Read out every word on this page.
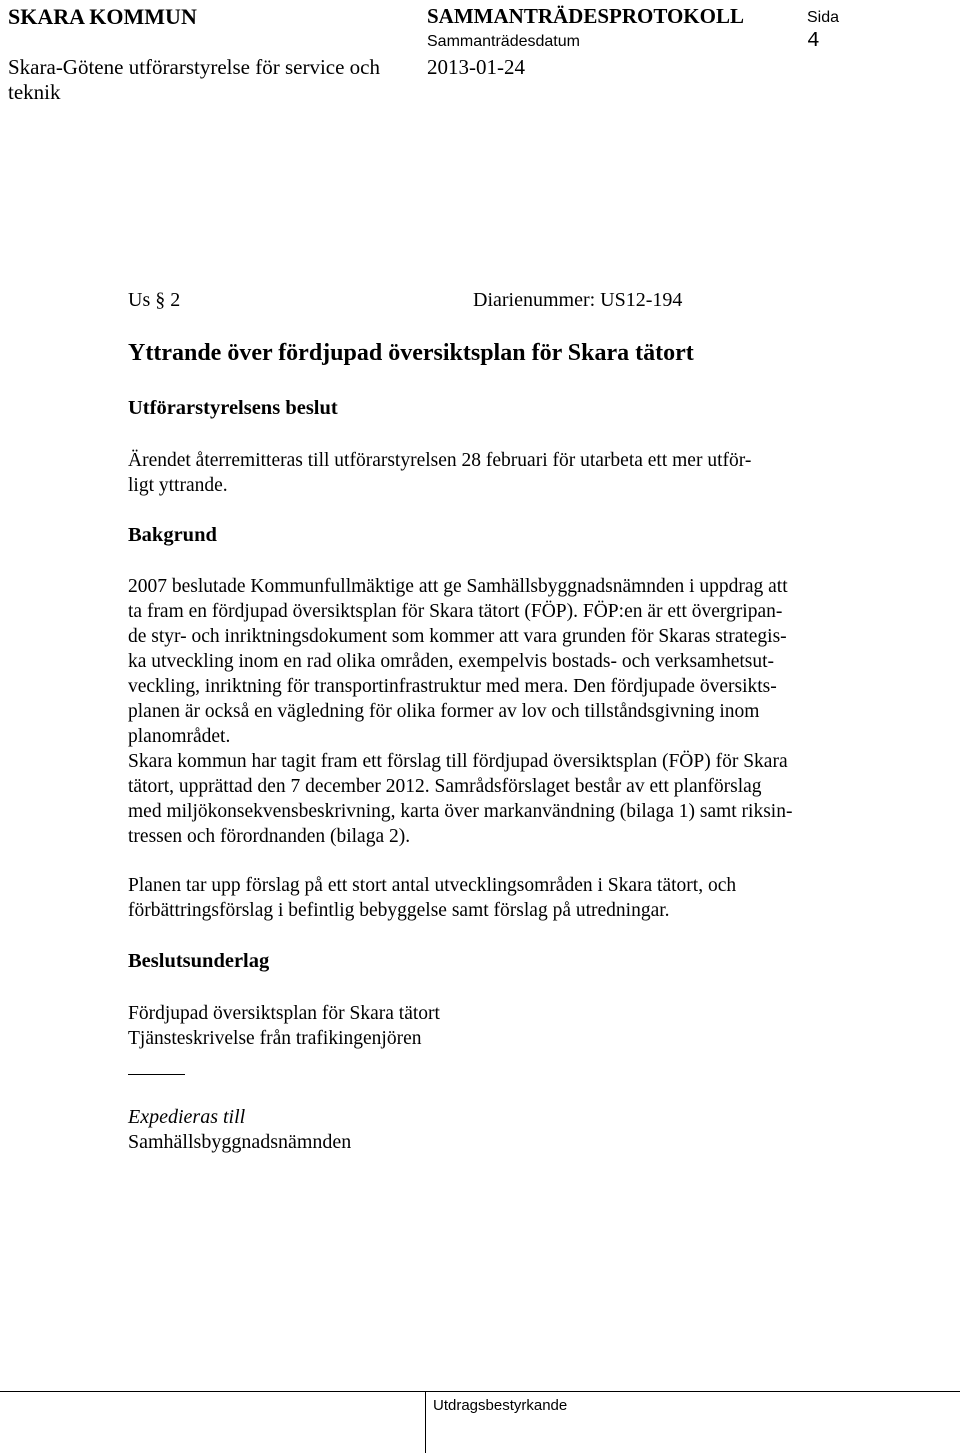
SKARA KOMMUN	SAMMANTRÄDESPROTOKOLL	Sida
Sammanträdesdatum	4
Skara-Götene utförarstyrelse för service och
teknik
2013-01-24
Us § 2	Diarienummer: US12-194
Yttrande över fördjupad översiktsplan för Skara tätort
Utförarstyrelsens beslut
Ärendet återremitteras till utförarstyrelsen 28 februari för utarbeta ett mer utför-
ligt yttrande.
Bakgrund
2007 beslutade Kommunfullmäktige att ge Samhällsbyggnadsnämnden i uppdrag att
ta fram en fördjupad översiktsplan för Skara tätort (FÖP). FÖP:en är ett övergripan-
de styr- och inriktningsdokument som kommer att vara grunden för Skaras strategis-
ka utveckling inom en rad olika områden, exempelvis bostads- och verksamhetsut-
veckling, inriktning för transportinfrastruktur med mera. Den fördjupade översikts-
planen är också en vägledning för olika former av lov och tillståndsgivning inom
planområdet.
Skara kommun har tagit fram ett förslag till fördjupad översiktsplan (FÖP) för Skara
tätort, upprättad den 7 december 2012. Samrådsförslaget består av ett planförslag
med miljökonsekvensbeskrivning, karta över markanvändning (bilaga 1) samt riksin-
tressen och förordnanden (bilaga 2).
Planen tar upp förslag på ett stort antal utvecklingsområden i Skara tätort, och
förbättringsförslag i befintlig bebyggelse samt förslag på utredningar.
Beslutsunderlag
Fördjupad översiktsplan för Skara tätort
Tjänsteskrivelse från trafikingenjören
Expedieras till
Samhällsbyggnadsnämnden
Utdragsbestyrkande
